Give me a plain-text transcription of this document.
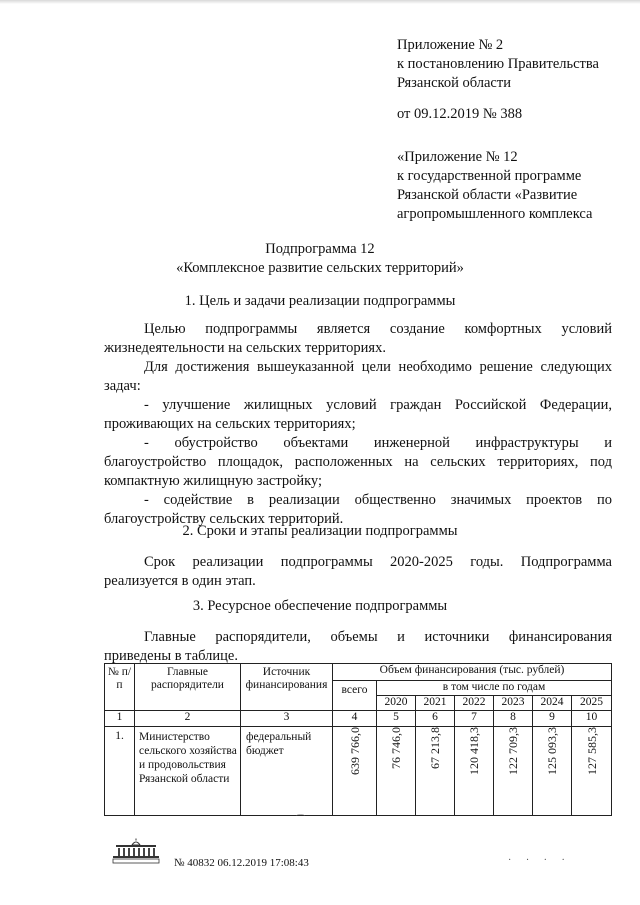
Приложение № 2
к постановлению Правительства
Рязанской области
от 09.12.2019 № 388
«Приложение № 12
к государственной программе
Рязанской области «Развитие
агропромышленного комплекса
Подпрограмма 12
«Комплексное развитие сельских территорий»
1. Цель и задачи реализации подпрограммы

Целью подпрограммы является создание комфортных условий

жизнедеятельности на сельских территориях.

Для достижения вышеуказанной цели необходимо решение следующих

задач:

- улучшение жилищных условий граждан Российской Федерации,

проживающих на сельских территориях;

- обустройство объектами инженерной инфраструктуры и

благоустройство площадок, расположенных на сельских территориях, под

компактную жилищную застройку;

- содействие в реализации общественно значимых проектов по

благоустройству сельских территорий.

2. Сроки и этапы реализации подпрограммы

Срок реализации подпрограммы 2020-2025 годы. Подпрограмма

реализуется в один этап.

3. Ресурсное обеспечение подпрограммы

Главные распорядители, объемы и источники финансирования

приведены в таблице.

№ п/п	Главные распорядители	Источник финансирования	Объем финансирования (тыс. рублей)						
			всего	в том числе по годам					
				2020	2021	2022	2023	2024	2025
1	2	3	4	5	6	7	8	9	10
1.	Министерство сельского хозяйства и продовольствия Рязанской области	федеральный бюджет	639 766,0	76 746,0	67 213,8	120 418,3	122 709,3	125 093,3	127 585,3
⌒
№ 40832 06.12.2019 17:08:43	· · · ·
